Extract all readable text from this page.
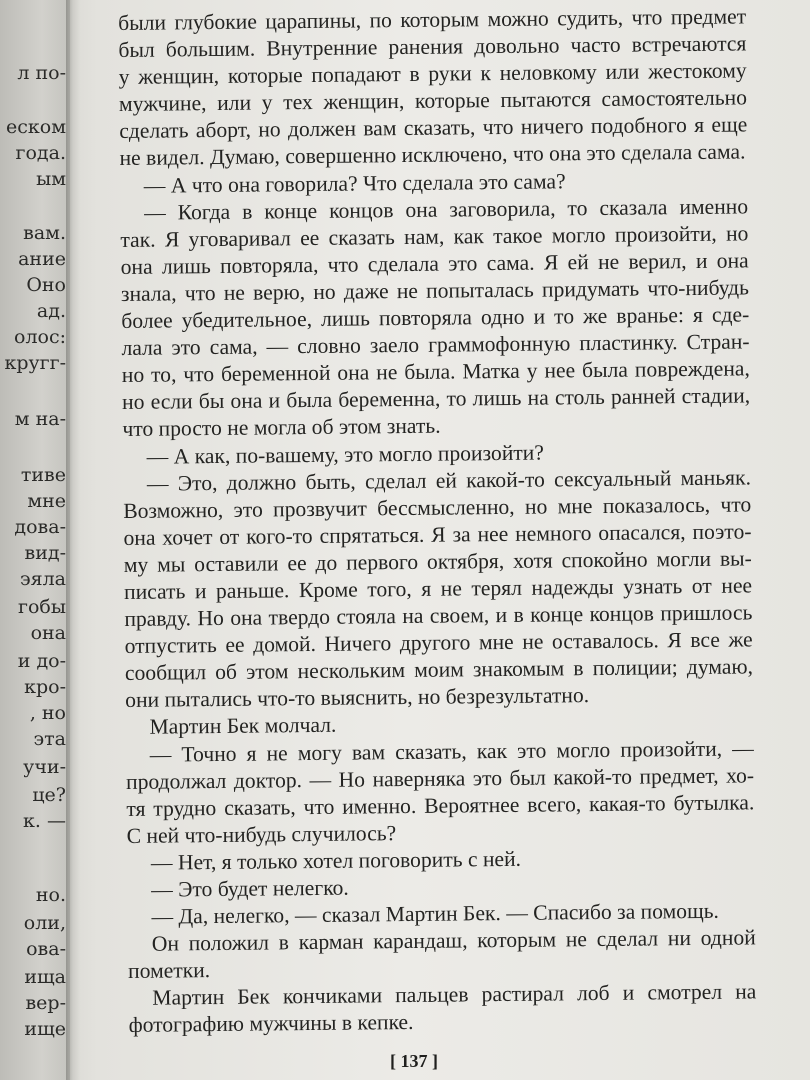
л по-
еском
года.
ым
вам.
ание
Оно
ад.
олос:
кругг-
м на-
тиве
мне
дова-
вид-
эяла
гобы
она
и до-
кро-
, но
эта
учи-
це?
к. —
но.
оли,
ова-
ища
вер-
ище
были глубокие царапины, по которым можно судить, что предмет
был большим. Внутренние ранения довольно часто встречаются
у женщин, которые попадают в руки к неловкому или жестокому
мужчине, или у тех женщин, которые пытаются самостоятельно
сделать аборт, но должен вам сказать, что ничего подобного я еще
не видел. Думаю, совершенно исключено, что она это сделала сама.
— А что она говорила? Что сделала это сама?
— Когда в конце концов она заговорила, то сказала именно
так. Я уговаривал ее сказать нам, как такое могло произойти, но
она лишь повторяла, что сделала это сама. Я ей не верил, и она
знала, что не верю, но даже не попыталась придумать что-нибудь
более убедительное, лишь повторяла одно и то же вранье: я сде-
лала это сама, — словно заело граммофонную пластинку. Стран-
но то, что беременной она не была. Матка у нее была повреждена,
но если бы она и была беременна, то лишь на столь ранней стадии,
что просто не могла об этом знать.
— А как, по-вашему, это могло произойти?
— Это, должно быть, сделал ей какой-то сексуальный маньяк.
Возможно, это прозвучит бессмысленно, но мне показалось, что
она хочет от кого-то спрятаться. Я за нее немного опасался, поэто-
му мы оставили ее до первого октября, хотя спокойно могли вы-
писать и раньше. Кроме того, я не терял надежды узнать от нее
правду. Но она твердо стояла на своем, и в конце концов пришлось
отпустить ее домой. Ничего другого мне не оставалось. Я все же
сообщил об этом нескольким моим знакомым в полиции; думаю,
они пытались что-то выяснить, но безрезультатно.
Мартин Бек молчал.
— Точно я не могу вам сказать, как это могло произойти, —
продолжал доктор. — Но наверняка это был какой-то предмет, хо-
тя трудно сказать, что именно. Вероятнее всего, какая-то бутылка.
С ней что-нибудь случилось?
— Нет, я только хотел поговорить с ней.
— Это будет нелегко.
— Да, нелегко, — сказал Мартин Бек. — Спасибо за помощь.
Он положил в карман карандаш, которым не сделал ни одной
пометки.
Мартин Бек кончиками пальцев растирал лоб и смотрел на
фотографию мужчины в кепке.
[ 137 ]
